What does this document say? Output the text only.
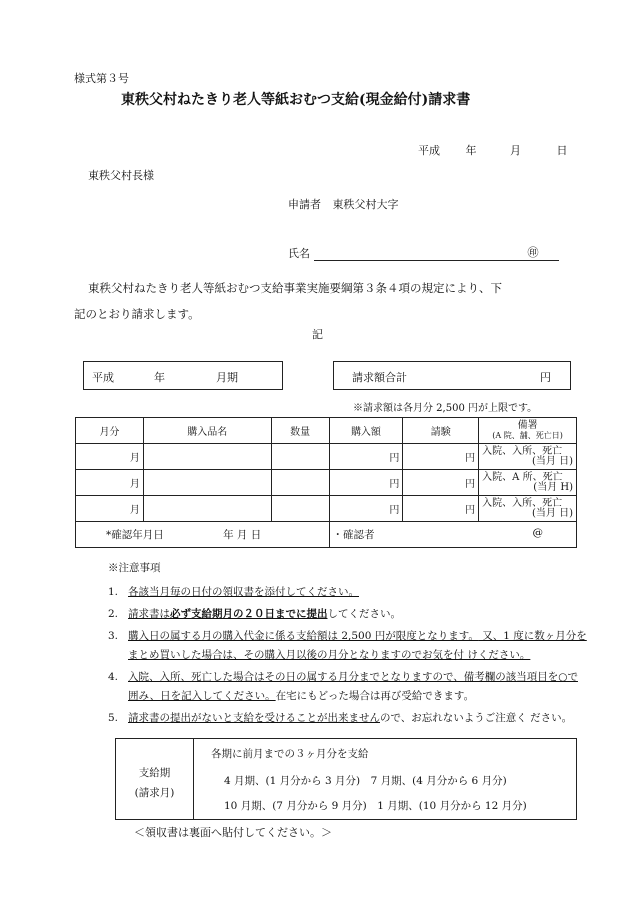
様式第３号
東秩父村ねたきり老人等紙おむつ支給(現金給付)請求書
平成 年	月	日
東秩父村長様
申請者 東秩父村大字
氏名	㊞
東秩父村ねたきり老人等紙おむつ支給事業実施要綱第３条４項の規定により、下
記のとおり請求します。
記
平成	年	月期	請求額合計	円
※請求額は各月分 2,500 円が上限です。
月分	購入品名	数量	購入額	請験	備署
(A 院、舗、死亡日)

月			円	円	入院、入所、死亡
(当月 日)

月			円	円	入院、A 所、死亡
(当月 H)

月			円	円	入院、入所、死亡
(当月 日)

*確認年月日 年 月 日			・確認者 @		
※注意事項
1. 各該当月毎の日付の領収書を添付してください。
2. 請求書は必ず支給期月の２０日までに提出してください。
3. 購入日の属する月の購入代金に係る支給額は 2,500 円が限度となります。 又、1 度に数ヶ月分をまとめ買いした場合は、その購入月以後の月分となりますのでお気を付 けください。
4. 入院、入所、死亡した場合はその日の属する月分までとなりますので、備考欄の該当項目を○で囲み、日を記入してください。在宅にもどった場合は再び受給できます。
5. 請求書の提出がないと支給を受けることが出来ませんので、お忘れないようご注意く ださい。
支給期
(請求月)
各期に前月までの３ヶ月分を支給
4 月期、(1 月分から 3 月分)　7 月期、(4 月分から 6 月分)
10 月期、(7 月分から 9 月分)　1 月期、(10 月分から 12 月分)
＜領収書は裏面へ貼付してください。＞
